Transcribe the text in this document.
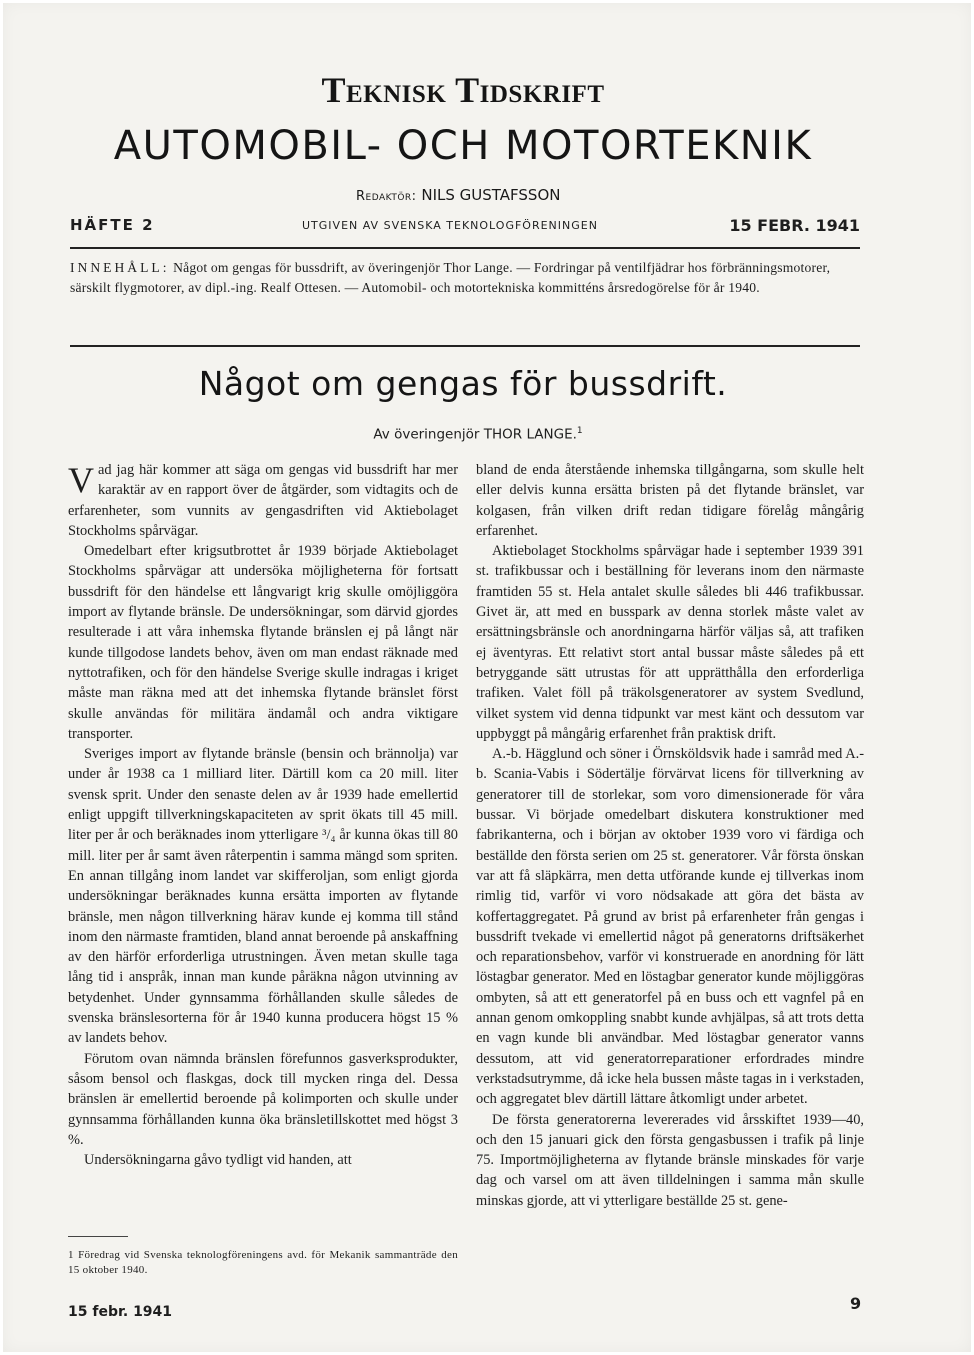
Teknisk Tidskrift
AUTOMOBIL- OCH MOTORTEKNIK
Redaktör: NILS GUSTAFSSON
HÄFTE 2	UTGIVEN AV SVENSKA TEKNOLOGFÖRENINGEN	15 FEBR. 1941
INNEHÅLL: Något om gengas för bussdrift, av överingenjör Thor Lange. — Fordringar på ventilfjädrar hos förbränningsmotorer, särskilt flygmotorer, av dipl.-ing. Realf Ottesen. — Automobil- och motortekniska kommitténs årsredogörelse för år 1940.
Något om gengas för bussdrift.
Av överingenjör THOR LANGE.$^1$

Vad jag här kommer att säga om gengas vid bussdrift har mer karaktär av en rapport över de åtgärder, som vidtagits och de erfarenheter, som vunnits av gengasdriften vid Aktiebolaget Stockholms spårvägar.

Omedelbart efter krigsutbrottet år 1939 började Aktiebolaget Stockholms spårvägar att undersöka möjligheterna för fortsatt bussdrift för den händelse ett långvarigt krig skulle omöjliggöra import av flytande bränsle. De undersökningar, som därvid gjordes resulterade i att våra inhemska flytande bränslen ej på långt när kunde tillgodose landets behov, även om man endast räknade med nyttotrafiken, och för den händelse Sverige skulle indragas i kriget måste man räkna med att det inhemska flytande bränslet först skulle användas för militära ändamål och andra viktigare transporter.

Sveriges import av flytande bränsle (bensin och brännolja) var under år 1938 ca 1 milliard liter. Därtill kom ca 20 mill. liter svensk sprit. Under den senaste delen av år 1939 hade emellertid enligt uppgift tillverkningskapaciteten av sprit ökats till 45 mill. liter per år och beräknades inom ytterligare ³/₄ år kunna ökas till 80 mill. liter per år samt även råterpentin i samma mängd som spriten. En annan tillgång inom landet var skifferoljan, som enligt gjorda undersökningar beräknades kunna ersätta importen av flytande bränsle, men någon tillverkning härav kunde ej komma till stånd inom den närmaste framtiden, bland annat beroende på anskaffning av den härför erforderliga utrustningen. Även metan skulle taga lång tid i anspråk, innan man kunde påräkna någon utvinning av betydenhet. Under gynnsamma förhållanden skulle således de svenska bränslesorterna för år 1940 kunna producera högst 15 % av landets behov.

Förutom ovan nämnda bränslen förefunnos gasverksprodukter, såsom bensol och flaskgas, dock till mycken ringa del. Dessa bränslen är emellertid beroende på kolimporten och skulle under gynnsamma förhållanden kunna öka bränsletillskottet med högst 3 %.

Undersökningarna gåvo tydligt vid handen, att

bland de enda återstående inhemska tillgångarna, som skulle helt eller delvis kunna ersätta bristen på det flytande bränslet, var kolgasen, från vilken drift redan tidigare förelåg mångårig erfarenhet.

Aktiebolaget Stockholms spårvägar hade i september 1939 391 st. trafikbussar och i beställning för leverans inom den närmaste framtiden 55 st. Hela antalet skulle således bli 446 trafikbussar. Givet är, att med en busspark av denna storlek måste valet av ersättningsbränsle och anordningarna härför väljas så, att trafiken ej äventyras. Ett relativt stort antal bussar måste således på ett betryggande sätt utrustas för att upprätthålla den erforderliga trafiken. Valet föll på träkolsgeneratorer av system Svedlund, vilket system vid denna tidpunkt var mest känt och dessutom var uppbyggt på mångårig erfarenhet från praktisk drift.

A.-b. Hägglund och söner i Örnsköldsvik hade i samråd med A.-b. Scania-Vabis i Södertälje förvärvat licens för tillverkning av generatorer till de storlekar, som voro dimensionerade för våra bussar. Vi började omedelbart diskutera konstruktioner med fabrikanterna, och i början av oktober 1939 voro vi färdiga och beställde den första serien om 25 st. generatorer. Vår första önskan var att få släpkärra, men detta utförande kunde ej tillverkas inom rimlig tid, varför vi voro nödsakade att göra det bästa av koffertaggregatet. På grund av brist på erfarenheter från gengas i bussdrift tvekade vi emellertid något på generatorns driftsäkerhet och reparationsbehov, varför vi konstruerade en anordning för lätt löstagbar generator. Med en löstagbar generator kunde möjliggöras ombyten, så att ett generatorfel på en buss och ett vagnfel på en annan genom omkoppling snabbt kunde avhjälpas, så att trots detta en vagn kunde bli användbar. Med löstagbar generator vanns dessutom, att vid generatorreparationer erfordrades mindre verkstadsutrymme, då icke hela bussen måste tagas in i verkstaden, och aggregatet blev därtill lättare åtkomligt under arbetet.

De första generatorerna levererades vid årsskiftet 1939—40, och den 15 januari gick den första gengasbussen i trafik på linje 75. Importmöjligheterna av flytande bränsle minskades för varje dag och varsel om att även tilldelningen i samma mån skulle minskas gjorde, att vi ytterligare beställde 25 st. gene-

1 Föredrag vid Svenska teknologföreningens avd. för Mekanik sammanträde den 15 oktober 1940.
15 febr. 1941	9
